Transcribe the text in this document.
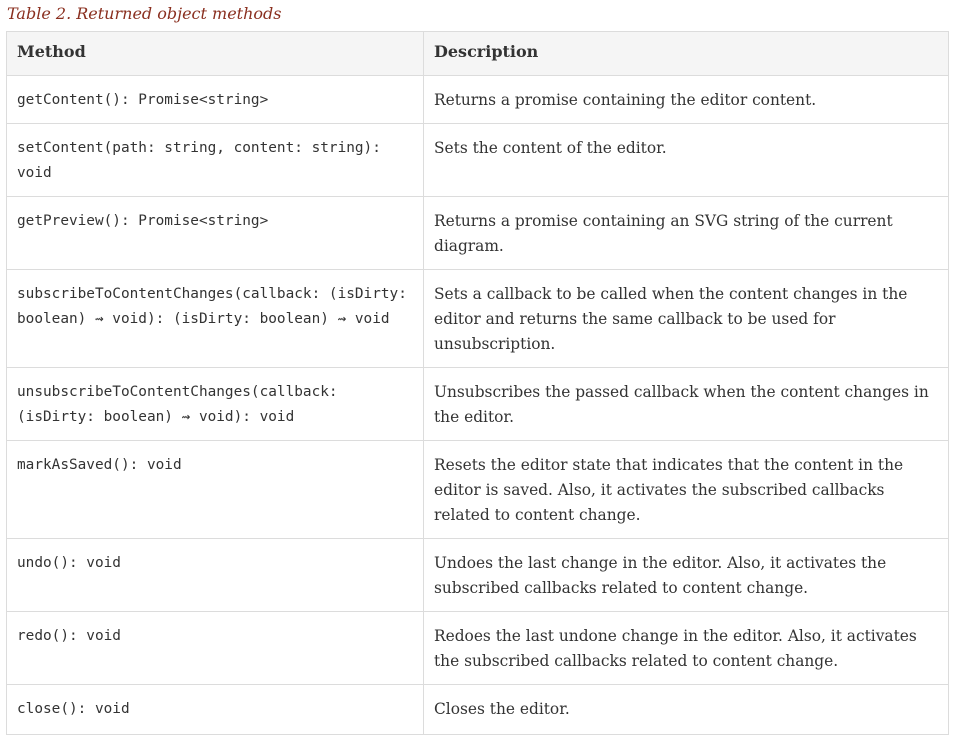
Table 2. Returned object methods
Method	Description
getContent(): Promise<string>	Returns a promise containing the editor content.
setContent(path: string, content: string): void	Sets the content of the editor.
getPreview(): Promise<string>	Returns a promise containing an SVG string of the current diagram.
subscribeToContentChanges(callback: (isDirty: boolean) ⇝ void): (isDirty: boolean) ⇝ void	Sets a callback to be called when the content changes in the editor and returns the same callback to be used for unsubscription.
unsubscribeToContentChanges(callback: (isDirty: boolean) ⇝ void): void	Unsubscribes the passed callback when the content changes in the editor.
markAsSaved(): void	Resets the editor state that indicates that the content in the editor is saved. Also, it activates the subscribed callbacks related to content change.
undo(): void	Undoes the last change in the editor. Also, it activates the subscribed callbacks related to content change.
redo(): void	Redoes the last undone change in the editor. Also, it activates the subscribed callbacks related to content change.
close(): void	Closes the editor.
